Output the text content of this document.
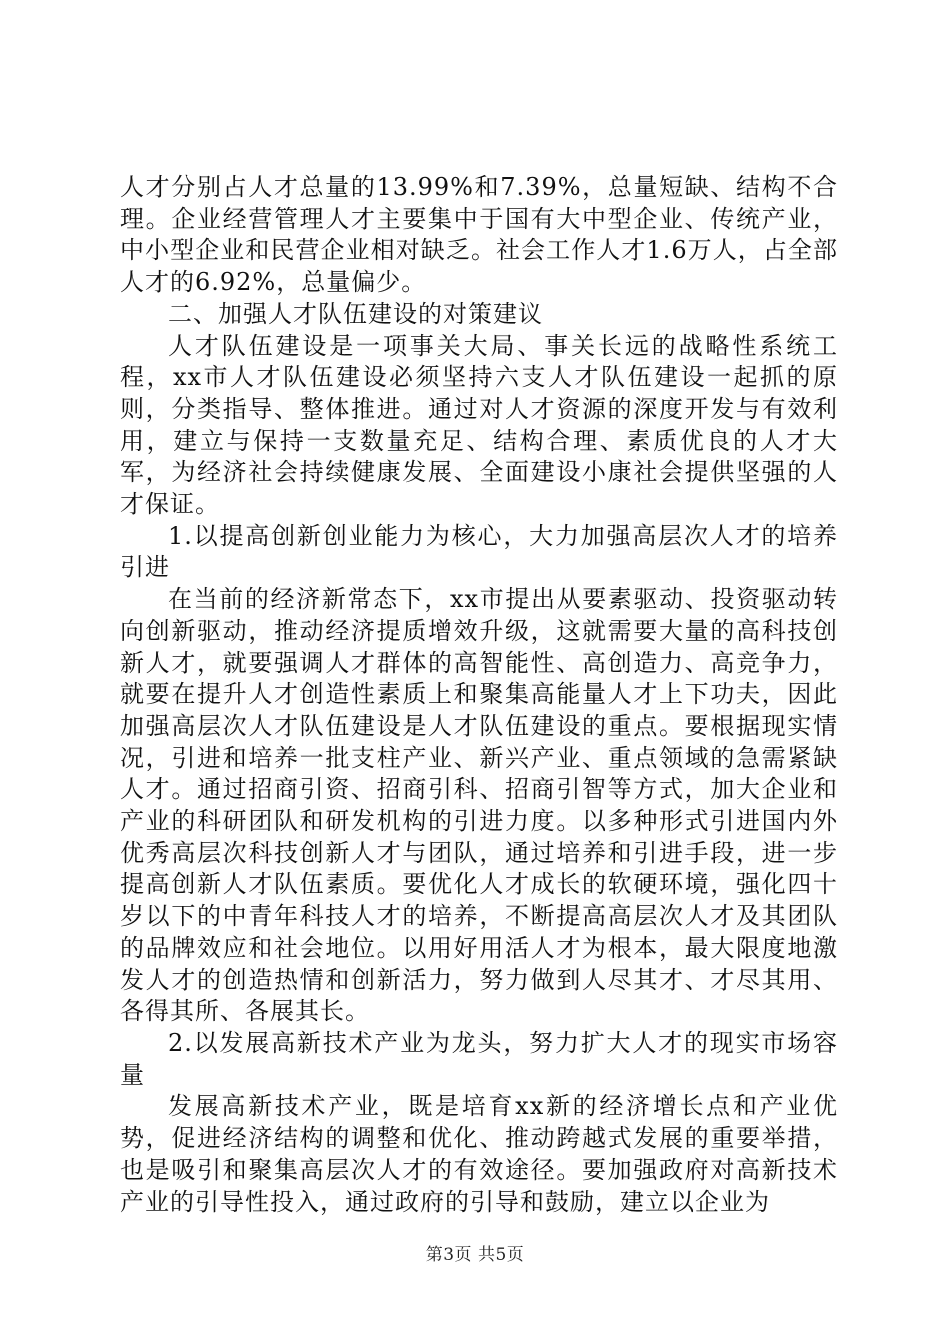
人才分别占人才总量的13.99%和7.39%，总量短缺、结构不合理。企业经营管理人才主要集中于国有大中型企业、传统产业，中小型企业和民营企业相对缺乏。社会工作人才1.6万人，占全部人才的6.92%，总量偏少。

二、加强人才队伍建设的对策建议

人才队伍建设是一项事关大局、事关长远的战略性系统工程，xx市人才队伍建设必须坚持六支人才队伍建设一起抓的原则，分类指导、整体推进。通过对人才资源的深度开发与有效利用，建立与保持一支数量充足、结构合理、素质优良的人才大军，为经济社会持续健康发展、全面建设小康社会提供坚强的人才保证。

1.以提高创新创业能力为核心，大力加强高层次人才的培养引进

在当前的经济新常态下，xx市提出从要素驱动、投资驱动转向创新驱动，推动经济提质增效升级，这就需要大量的高科技创新人才，就要强调人才群体的高智能性、高创造力、高竞争力，就要在提升人才创造性素质上和聚集高能量人才上下功夫，因此加强高层次人才队伍建设是人才队伍建设的重点。要根据现实情况，引进和培养一批支柱产业、新兴产业、重点领域的急需紧缺人才。通过招商引资、招商引科、招商引智等方式，加大企业和产业的科研团队和研发机构的引进力度。以多种形式引进国内外优秀高层次科技创新人才与团队，通过培养和引进手段，进一步提高创新人才队伍素质。要优化人才成长的软硬环境，强化四十岁以下的中青年科技人才的培养，不断提高高层次人才及其团队的品牌效应和社会地位。以用好用活人才为根本，最大限度地激发人才的创造热情和创新活力，努力做到人尽其才、才尽其用、各得其所、各展其长。

2.以发展高新技术产业为龙头，努力扩大人才的现实市场容量

发展高新技术产业，既是培育xx新的经济增长点和产业优势，促进经济结构的调整和优化、推动跨越式发展的重要举措，也是吸引和聚集高层次人才的有效途径。要加强政府对高新技术产业的引导性投入，通过政府的引导和鼓励，建立以企业为

第3页 共5页
